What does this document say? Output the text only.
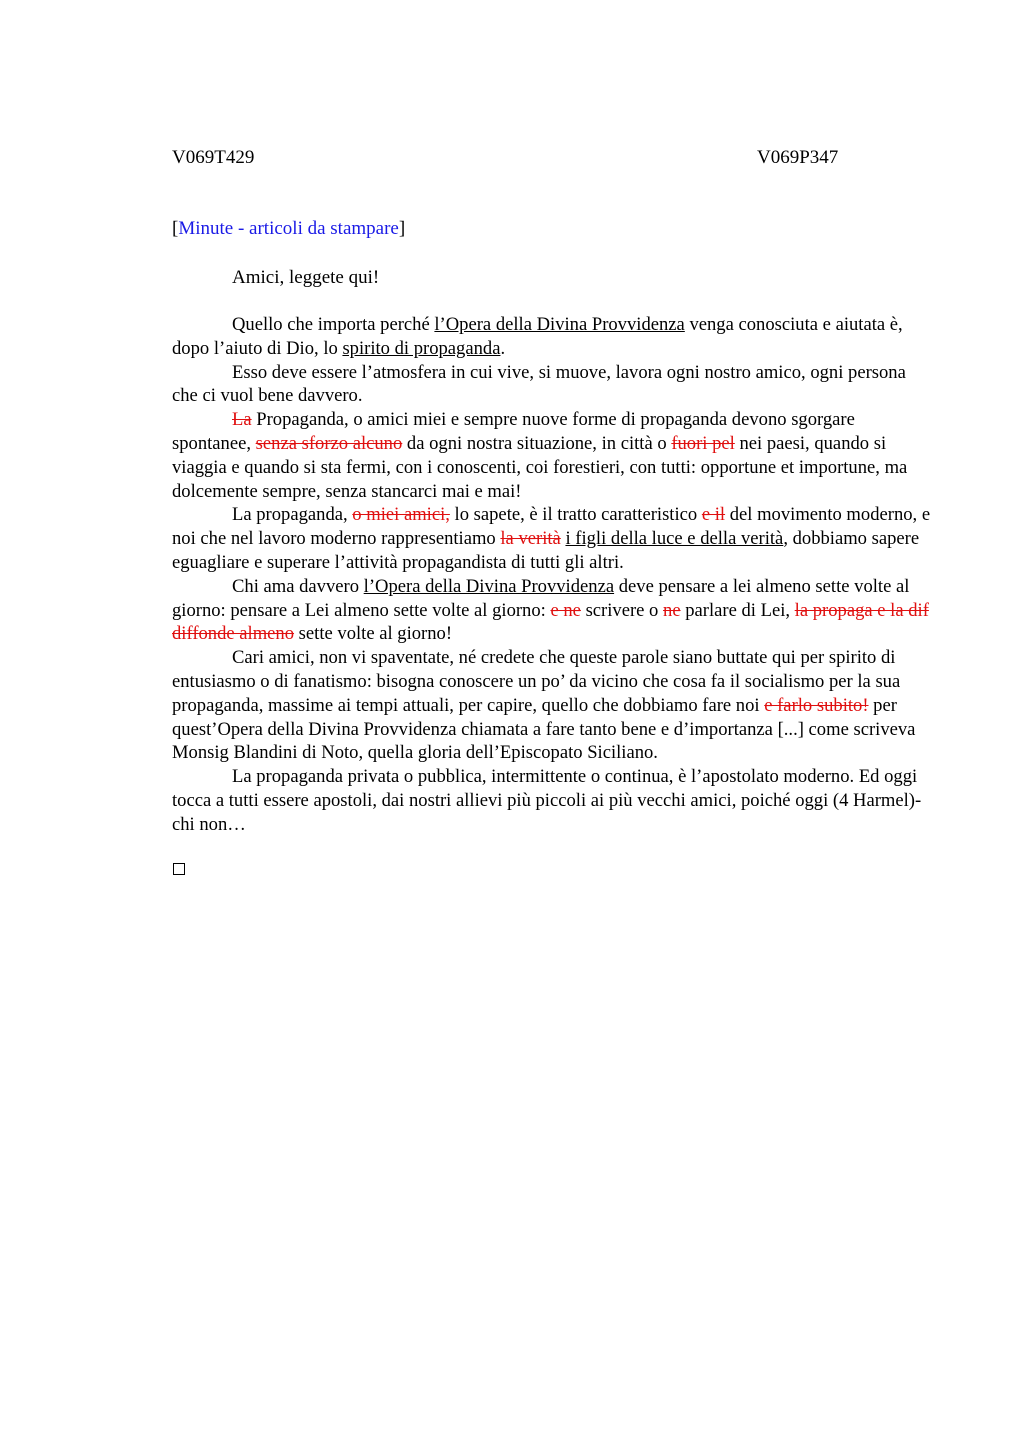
V069T429	V069P347
[Minute - articoli da stampare]
Amici, leggete qui!

Quello che importa perché l’Opera della Divina Provvidenza venga conosciuta e aiutata è, dopo l’aiuto di Dio, lo spirito di propaganda.

Esso deve essere l’atmosfera in cui vive, si muove, lavora ogni nostro amico, ogni persona che ci vuol bene davvero.

La Propaganda, o amici miei e sempre nuove forme di propaganda devono sgorgare spontanee, senza sforzo alcuno da ogni nostra situazione, in città o fuori pel nei paesi, quando si viaggia e quando si sta fermi, con i conoscenti, coi forestieri, con tutti: opportune et importune, ma dolcemente sempre, senza stancarci mai e mai!

La propaganda, o miei amici, lo sapete, è il tratto caratteristico e il del movimento moderno, e noi che nel lavoro moderno rappresentiamo la verità i figli della luce e della verità, dobbiamo sapere eguagliare e superare l’attività propagandista di tutti gli altri.

Chi ama davvero l’Opera della Divina Provvidenza deve pensare a lei almeno sette volte al giorno: pensare a Lei almeno sette volte al giorno: e ne scrivere o ne parlare di Lei, la propaga e la dif diffonde almeno sette volte al giorno!

Cari amici, non vi spaventate, né credete che queste parole siano buttate qui per spirito di entusiasmo o di fanatismo: bisogna conoscere un po’ da vicino che cosa fa il socialismo per la sua propaganda, massime ai tempi attuali, per capire, quello che dobbiamo fare noi e farlo subito! per quest’Opera della Divina Provvidenza chiamata a fare tanto bene e d’importanza [...] come scriveva Monsig Blandini di Noto, quella gloria dell’Episcopato Siciliano.

La propaganda privata o pubblica, intermittente o continua, è l’apostolato moderno. Ed oggi tocca a tutti essere apostoli, dai nostri allievi più piccoli ai più vecchi amici, poiché oggi (4 Harmel)- chi non…
